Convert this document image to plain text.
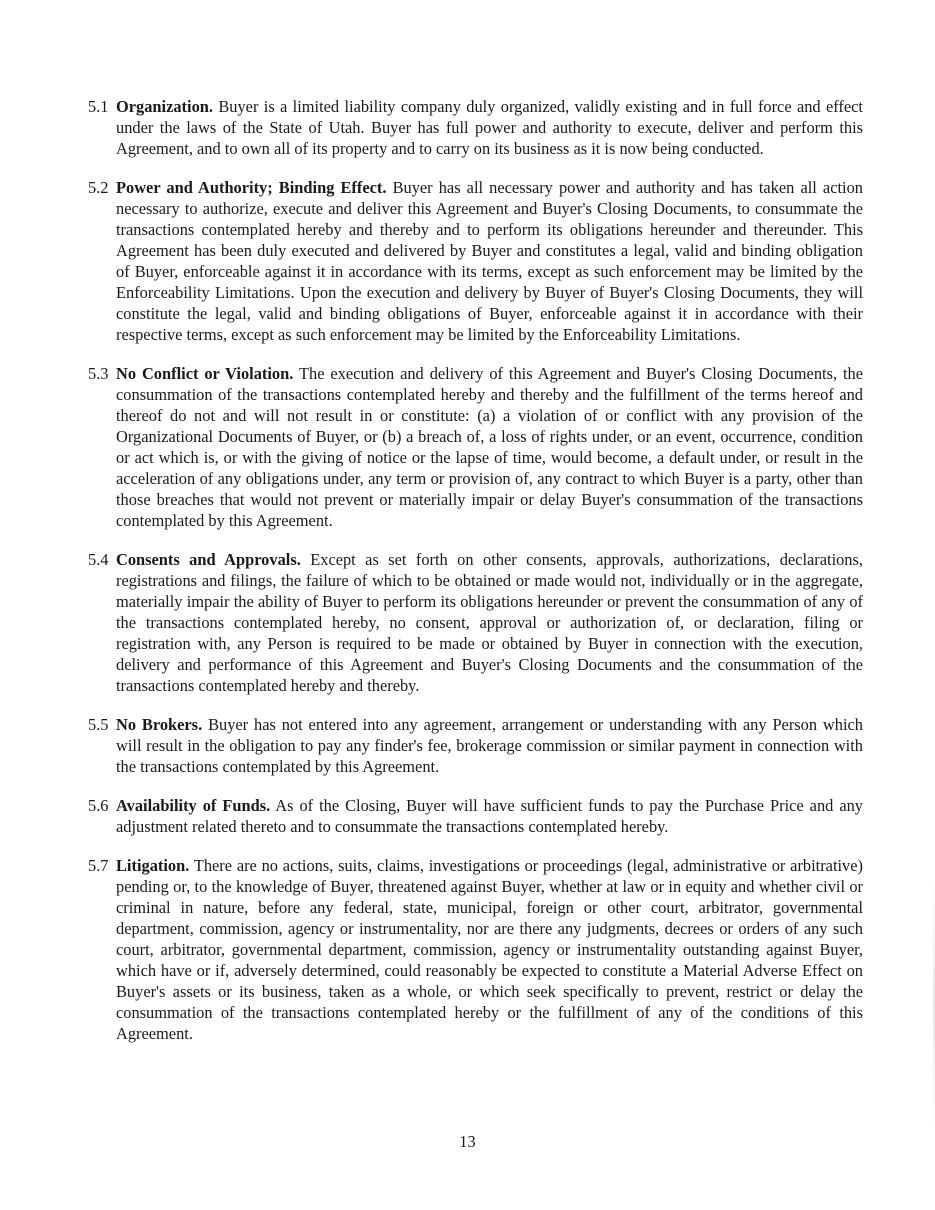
5.1 Organization. Buyer is a limited liability company duly organized, validly existing and in full force and effect under the laws of the State of Utah. Buyer has full power and authority to execute, deliver and perform this Agreement, and to own all of its property and to carry on its business as it is now being conducted.

5.2 Power and Authority; Binding Effect. Buyer has all necessary power and authority and has taken all action necessary to authorize, execute and deliver this Agreement and Buyer's Closing Documents, to consummate the transactions contemplated hereby and thereby and to perform its obligations hereunder and thereunder. This Agreement has been duly executed and delivered by Buyer and constitutes a legal, valid and binding obligation of Buyer, enforceable against it in accordance with its terms, except as such enforcement may be limited by the Enforceability Limitations. Upon the execution and delivery by Buyer of Buyer's Closing Documents, they will constitute the legal, valid and binding obligations of Buyer, enforceable against it in accordance with their respective terms, except as such enforcement may be limited by the Enforceability Limitations.

5.3 No Conflict or Violation. The execution and delivery of this Agreement and Buyer's Closing Documents, the consummation of the transactions contemplated hereby and thereby and the fulfillment of the terms hereof and thereof do not and will not result in or constitute: (a) a violation of or conflict with any provision of the Organizational Documents of Buyer, or (b) a breach of, a loss of rights under, or an event, occurrence, condition or act which is, or with the giving of notice or the lapse of time, would become, a default under, or result in the acceleration of any obligations under, any term or provision of, any contract to which Buyer is a party, other than those breaches that would not prevent or materially impair or delay Buyer's consummation of the transactions contemplated by this Agreement.

5.4 Consents and Approvals. Except as set forth on other consents, approvals, authorizations, declarations, registrations and filings, the failure of which to be obtained or made would not, individually or in the aggregate, materially impair the ability of Buyer to perform its obligations hereunder or prevent the consummation of any of the transactions contemplated hereby, no consent, approval or authorization of, or declaration, filing or registration with, any Person is required to be made or obtained by Buyer in connection with the execution, delivery and performance of this Agreement and Buyer's Closing Documents and the consummation of the transactions contemplated hereby and thereby.

5.5 No Brokers. Buyer has not entered into any agreement, arrangement or understanding with any Person which will result in the obligation to pay any finder's fee, brokerage commission or similar payment in connection with the transactions contemplated by this Agreement.

5.6 Availability of Funds. As of the Closing, Buyer will have sufficient funds to pay the Purchase Price and any adjustment related thereto and to consummate the transactions contemplated hereby.

5.7 Litigation. There are no actions, suits, claims, investigations or proceedings (legal, administrative or arbitrative) pending or, to the knowledge of Buyer, threatened against Buyer, whether at law or in equity and whether civil or criminal in nature, before any federal, state, municipal, foreign or other court, arbitrator, governmental department, commission, agency or instrumentality, nor are there any judgments, decrees or orders of any such court, arbitrator, governmental department, commission, agency or instrumentality outstanding against Buyer, which have or if, adversely determined, could reasonably be expected to constitute a Material Adverse Effect on Buyer's assets or its business, taken as a whole, or which seek specifically to prevent, restrict or delay the consummation of the transactions contemplated hereby or the fulfillment of any of the conditions of this Agreement.

13
